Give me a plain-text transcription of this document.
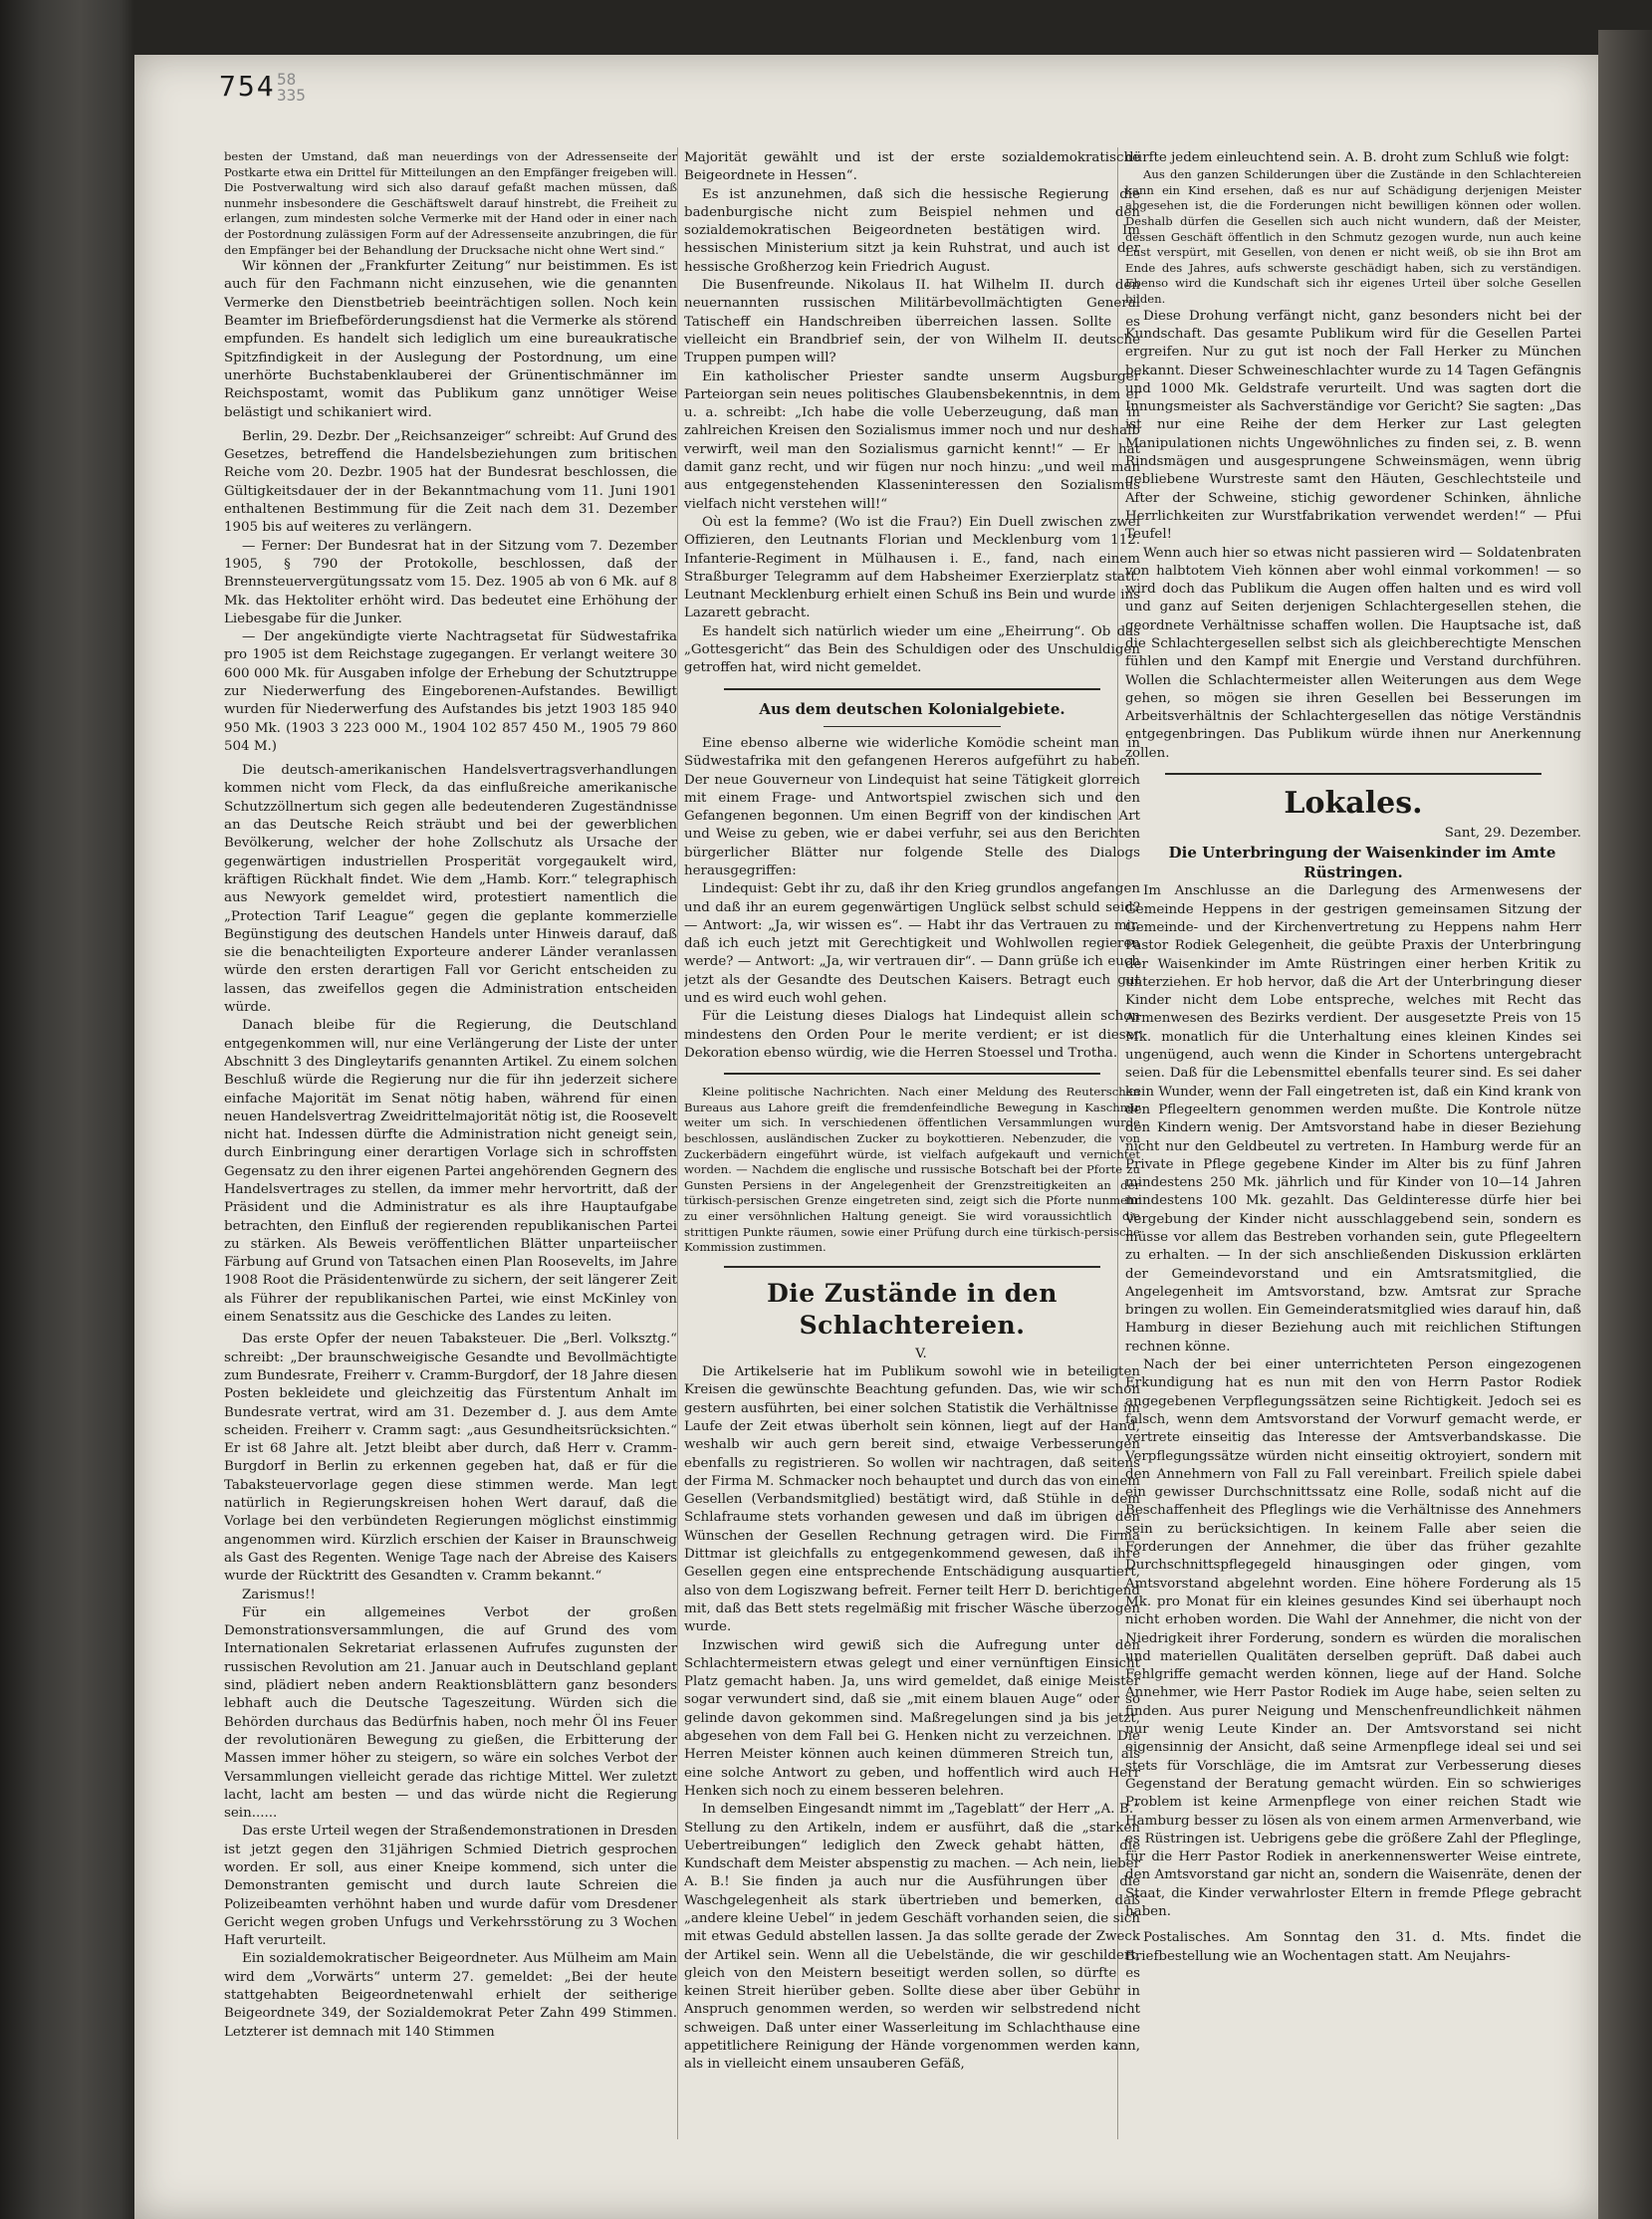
754 58
335

besten der Umstand, daß man neuerdings von der Adressenseite der Postkarte etwa ein Drittel für Mitteilungen an den Empfänger freigeben will. Die Postverwaltung wird sich also darauf gefaßt machen müssen, daß nunmehr insbesondere die Geschäftswelt darauf hinstrebt, die Freiheit zu erlangen, zum mindesten solche Vermerke mit der Hand oder in einer nach der Postordnung zulässigen Form auf der Adressenseite anzubringen, die für den Empfänger bei der Behandlung der Drucksache nicht ohne Wert sind.“

Wir können der „Frankfurter Zeitung“ nur beistimmen. Es ist auch für den Fachmann nicht einzusehen, wie die genannten Vermerke den Dienstbetrieb beeinträchtigen sollen. Noch kein Beamter im Briefbeförderungsdienst hat die Vermerke als störend empfunden. Es handelt sich lediglich um eine bureaukratische Spitzfindigkeit in der Auslegung der Postordnung, um eine unerhörte Buchstabenklauberei der Grünentischmänner im Reichspostamt, womit das Publikum ganz unnötiger Weise belästigt und schikaniert wird.

Berlin, 29. Dezbr. Der „Reichsanzeiger“ schreibt: Auf Grund des Gesetzes, betreffend die Handelsbeziehungen zum britischen Reiche vom 20. Dezbr. 1905 hat der Bundesrat beschlossen, die Gültigkeitsdauer der in der Bekanntmachung vom 11. Juni 1901 enthaltenen Bestimmung für die Zeit nach dem 31. Dezember 1905 bis auf weiteres zu verlängern.

— Ferner: Der Bundesrat hat in der Sitzung vom 7. Dezember 1905, § 790 der Protokolle, beschlossen, daß der Brennsteuervergütungssatz vom 15. Dez. 1905 ab von 6 Mk. auf 8 Mk. das Hektoliter erhöht wird. Das bedeutet eine Erhöhung der Liebesgabe für die Junker.

— Der angekündigte vierte Nachtragsetat für Südwestafrika pro 1905 ist dem Reichstage zugegangen. Er verlangt weitere 30 600 000 Mk. für Ausgaben infolge der Erhebung der Schutztruppe zur Niederwerfung des Eingeborenen-Aufstandes. Bewilligt wurden für Niederwerfung des Aufstandes bis jetzt 1903 185 940 950 Mk. (1903 3 223 000 M., 1904 102 857 450 M., 1905 79 860 504 M.)

Die deutsch-amerikanischen Handelsvertragsverhandlungen kommen nicht vom Fleck, da das einflußreiche amerikanische Schutzzöllnertum sich gegen alle bedeutenderen Zugeständnisse an das Deutsche Reich sträubt und bei der gewerblichen Bevölkerung, welcher der hohe Zollschutz als Ursache der gegenwärtigen industriellen Prosperität vorgegaukelt wird, kräftigen Rückhalt findet. Wie dem „Hamb. Korr.“ telegraphisch aus Newyork gemeldet wird, protestiert namentlich die „Protection Tarif League“ gegen die geplante kommerzielle Begünstigung des deutschen Handels unter Hinweis darauf, daß sie die benachteiligten Exporteure anderer Länder veranlassen würde den ersten derartigen Fall vor Gericht entscheiden zu lassen, das zweifellos gegen die Administration entscheiden würde.

Danach bleibe für die Regierung, die Deutschland entgegenkommen will, nur eine Verlängerung der Liste der unter Abschnitt 3 des Dingleytarifs genannten Artikel. Zu einem solchen Beschluß würde die Regierung nur die für ihn jederzeit sichere einfache Majorität im Senat nötig haben, während für einen neuen Handelsvertrag Zweidrittelmajorität nötig ist, die Roosevelt nicht hat. Indessen dürfte die Administration nicht geneigt sein, durch Einbringung einer derartigen Vorlage sich in schroffsten Gegensatz zu den ihrer eigenen Partei angehörenden Gegnern des Handelsvertrages zu stellen, da immer mehr hervortritt, daß der Präsident und die Administratur es als ihre Hauptaufgabe betrachten, den Einfluß der regierenden republikanischen Partei zu stärken. Als Beweis veröffentlichen Blätter unparteiischer Färbung auf Grund von Tatsachen einen Plan Roosevelts, im Jahre 1908 Root die Präsidentenwürde zu sichern, der seit längerer Zeit als Führer der republikanischen Partei, wie einst McKinley von einem Senatssitz aus die Geschicke des Landes zu leiten.

Das erste Opfer der neuen Tabaksteuer. Die „Berl. Volksztg.“ schreibt: „Der braunschweigische Gesandte und Bevollmächtigte zum Bundesrate, Freiherr v. Cramm-Burgdorf, der 18 Jahre diesen Posten bekleidete und gleichzeitig das Fürstentum Anhalt im Bundesrate vertrat, wird am 31. Dezember d. J. aus dem Amte scheiden. Freiherr v. Cramm sagt: „aus Gesundheitsrücksichten.“ Er ist 68 Jahre alt. Jetzt bleibt aber durch, daß Herr v. Cramm-Burgdorf in Berlin zu erkennen gegeben hat, daß er für die Tabaksteuervorlage gegen diese stimmen werde. Man legt natürlich in Regierungskreisen hohen Wert darauf, daß die Vorlage bei den verbündeten Regierungen möglichst einstimmig angenommen wird. Kürzlich erschien der Kaiser in Braunschweig als Gast des Regenten. Wenige Tage nach der Abreise des Kaisers wurde der Rücktritt des Gesandten v. Cramm bekannt.“

Zarismus!!

Für ein allgemeines Verbot der großen Demonstrationsversammlungen, die auf Grund des vom Internationalen Sekretariat erlassenen Aufrufes zugunsten der russischen Revolution am 21. Januar auch in Deutschland geplant sind, plädiert neben andern Reaktionsblättern ganz besonders lebhaft auch die Deutsche Tageszeitung. Würden sich die Behörden durchaus das Bedürfnis haben, noch mehr Öl ins Feuer der revolutionären Bewegung zu gießen, die Erbitterung der Massen immer höher zu steigern, so wäre ein solches Verbot der Versammlungen vielleicht gerade das richtige Mittel. Wer zuletzt lacht, lacht am besten — und das würde nicht die Regierung sein......

Das erste Urteil wegen der Straßendemonstrationen in Dresden ist jetzt gegen den 31jährigen Schmied Dietrich gesprochen worden. Er soll, aus einer Kneipe kommend, sich unter die Demonstranten gemischt und durch laute Schreien die Polizeibeamten verhöhnt haben und wurde dafür vom Dresdener Gericht wegen groben Unfugs und Verkehrsstörung zu 3 Wochen Haft verurteilt.

Ein sozialdemokratischer Beigeordneter. Aus Mülheim am Main wird dem „Vorwärts“ unterm 27. gemeldet: „Bei der heute stattgehabten Beigeordnetenwahl erhielt der seitherige Beigeordnete 349, der Sozialdemokrat Peter Zahn 499 Stimmen. Letzterer ist demnach mit 140 Stimmen

Majorität gewählt und ist der erste sozialdemokratische Beigeordnete in Hessen“.

Es ist anzunehmen, daß sich die hessische Regierung die badenburgische nicht zum Beispiel nehmen und den sozialdemokratischen Beigeordneten bestätigen wird. Im hessischen Ministerium sitzt ja kein Ruhstrat, und auch ist der hessische Großherzog kein Friedrich August.

Die Busenfreunde. Nikolaus II. hat Wilhelm II. durch den neuernannten russischen Militärbevollmächtigten General Tatischeff ein Handschreiben überreichen lassen. Sollte es vielleicht ein Brandbrief sein, der von Wilhelm II. deutsche Truppen pumpen will?

Ein katholischer Priester sandte unserm Augsburger Parteiorgan sein neues politisches Glaubensbekenntnis, in dem er u. a. schreibt: „Ich habe die volle Ueberzeugung, daß man in zahlreichen Kreisen den Sozialismus immer noch und nur deshalb verwirft, weil man den Sozialismus garnicht kennt!“ — Er hat damit ganz recht, und wir fügen nur noch hinzu: „und weil man aus entgegenstehenden Klasseninteressen den Sozialismus vielfach nicht verstehen will!“

Où est la femme? (Wo ist die Frau?) Ein Duell zwischen zwei Offizieren, den Leutnants Florian und Mecklenburg vom 112. Infanterie-Regiment in Mülhausen i. E., fand, nach einem Straßburger Telegramm auf dem Habsheimer Exerzierplatz statt. Leutnant Mecklenburg erhielt einen Schuß ins Bein und wurde ins Lazarett gebracht.

Es handelt sich natürlich wieder um eine „Eheirrung“. Ob das „Gottesgericht“ das Bein des Schuldigen oder des Unschuldigen getroffen hat, wird nicht gemeldet.

Aus dem deutschen Kolonialgebiete.

Eine ebenso alberne wie widerliche Komödie scheint man in Südwestafrika mit den gefangenen Hereros aufgeführt zu haben. Der neue Gouverneur von Lindequist hat seine Tätigkeit glorreich mit einem Frage- und Antwortspiel zwischen sich und den Gefangenen begonnen. Um einen Begriff von der kindischen Art und Weise zu geben, wie er dabei verfuhr, sei aus den Berichten bürgerlicher Blätter nur folgende Stelle des Dialogs herausgegriffen:

Lindequist: Gebt ihr zu, daß ihr den Krieg grundlos angefangen und daß ihr an eurem gegenwärtigen Unglück selbst schuld seid? — Antwort: „Ja, wir wissen es“. — Habt ihr das Vertrauen zu mir, daß ich euch jetzt mit Gerechtigkeit und Wohlwollen regieren werde? — Antwort: „Ja, wir vertrauen dir“. — Dann grüße ich euch jetzt als der Gesandte des Deutschen Kaisers. Betragt euch gut und es wird euch wohl gehen.

Für die Leistung dieses Dialogs hat Lindequist allein schon mindestens den Orden Pour le merite verdient; er ist dieser Dekoration ebenso würdig, wie die Herren Stoessel und Trotha.

Kleine politische Nachrichten. Nach einer Meldung des Reuterschen Bureaus aus Lahore greift die fremdenfeindliche Bewegung in Kaschmir weiter um sich. In verschiedenen öffentlichen Versammlungen wurde beschlossen, ausländischen Zucker zu boykottieren. Nebenzuder, die von Zuckerbädern eingeführt würde, ist vielfach aufgekauft und vernichtet worden. — Nachdem die englische und russische Botschaft bei der Pforte zu Gunsten Persiens in der Angelegenheit der Grenzstreitigkeiten an der türkisch-persischen Grenze eingetreten sind, zeigt sich die Pforte nunmehr zu einer versöhnlichen Haltung geneigt. Sie wird voraussichtlich die strittigen Punkte räumen, sowie einer Prüfung durch eine türkisch-persische Kommission zustimmen.

Die Zustände in den Schlachtereien.

V.

Die Artikelserie hat im Publikum sowohl wie in beteiligten Kreisen die gewünschte Beachtung gefunden. Das, wie wir schon gestern ausführten, bei einer solchen Statistik die Verhältnisse im Laufe der Zeit etwas überholt sein können, liegt auf der Hand, weshalb wir auch gern bereit sind, etwaige Verbesserungen ebenfalls zu registrieren. So wollen wir nachtragen, daß seitens der Firma M. Schmacker noch behauptet und durch das von einem Gesellen (Verbandsmitglied) bestätigt wird, daß Stühle in dem Schlafraume stets vorhanden gewesen und daß im übrigen den Wünschen der Gesellen Rechnung getragen wird. Die Firma Dittmar ist gleichfalls zu entgegenkommend gewesen, daß ihre Gesellen gegen eine entsprechende Entschädigung ausquartiert, also von dem Logiszwang befreit. Ferner teilt Herr D. berichtigend mit, daß das Bett stets regelmäßig mit frischer Wäsche überzogen wurde.

Inzwischen wird gewiß sich die Aufregung unter den Schlachtermeistern etwas gelegt und einer vernünftigen Einsicht Platz gemacht haben. Ja, uns wird gemeldet, daß einige Meister sogar verwundert sind, daß sie „mit einem blauen Auge“ oder so gelinde davon gekommen sind. Maßregelungen sind ja bis jetzt, abgesehen von dem Fall bei G. Henken nicht zu verzeichnen. Die Herren Meister können auch keinen dümmeren Streich tun, als eine solche Antwort zu geben, und hoffentlich wird auch Herr Henken sich noch zu einem besseren belehren.

In demselben Eingesandt nimmt im „Tageblatt“ der Herr „A. B.“ Stellung zu den Artikeln, indem er ausführt, daß die „starken Uebertreibungen“ lediglich den Zweck gehabt hätten, die Kundschaft dem Meister abspenstig zu machen. — Ach nein, lieber A. B.! Sie finden ja auch nur die Ausführungen über die Waschgelegenheit als stark übertrieben und bemerken, daß „andere kleine Uebel“ in jedem Geschäft vorhanden seien, die sich mit etwas Geduld abstellen lassen. Ja das sollte gerade der Zweck der Artikel sein. Wenn all die Uebelstände, die wir geschildert, gleich von den Meistern beseitigt werden sollen, so dürfte es keinen Streit hierüber geben. Sollte diese aber über Gebühr in Anspruch genommen werden, so werden wir selbstredend nicht schweigen. Daß unter einer Wasserleitung im Schlachthause eine appetitlichere Reinigung der Hände vorgenommen werden kann, als in vielleicht einem unsauberen Gefäß,

dürfte jedem einleuchtend sein. A. B. droht zum Schluß wie folgt:

Aus den ganzen Schilderungen über die Zustände in den Schlachtereien kann ein Kind ersehen, daß es nur auf Schädigung derjenigen Meister abgesehen ist, die die Forderungen nicht bewilligen können oder wollen. Deshalb dürfen die Gesellen sich auch nicht wundern, daß der Meister, dessen Geschäft öffentlich in den Schmutz gezogen wurde, nun auch keine Lust verspürt, mit Gesellen, von denen er nicht weiß, ob sie ihn Brot am Ende des Jahres, aufs schwerste geschädigt haben, sich zu verständigen. Ebenso wird die Kundschaft sich ihr eigenes Urteil über solche Gesellen bilden.

Diese Drohung verfängt nicht, ganz besonders nicht bei der Kundschaft. Das gesamte Publikum wird für die Gesellen Partei ergreifen. Nur zu gut ist noch der Fall Herker zu München bekannt. Dieser Schweineschlachter wurde zu 14 Tagen Gefängnis und 1000 Mk. Geldstrafe verurteilt. Und was sagten dort die Innungsmeister als Sachverständige vor Gericht? Sie sagten: „Das ist nur eine Reihe der dem Herker zur Last gelegten Manipulationen nichts Ungewöhnliches zu finden sei, z. B. wenn Rindsmägen und ausgesprungene Schweinsmägen, wenn übrig gebliebene Wurstreste samt den Häuten, Geschlechtsteile und After der Schweine, stichig gewordener Schinken, ähnliche Herrlichkeiten zur Wurstfabrikation verwendet werden!“ — Pfui Teufel!

Wenn auch hier so etwas nicht passieren wird — Soldatenbraten von halbtotem Vieh können aber wohl einmal vorkommen! — so wird doch das Publikum die Augen offen halten und es wird voll und ganz auf Seiten derjenigen Schlachtergesellen stehen, die geordnete Verhältnisse schaffen wollen. Die Hauptsache ist, daß die Schlachtergesellen selbst sich als gleichberechtigte Menschen fühlen und den Kampf mit Energie und Verstand durchführen. Wollen die Schlachtermeister allen Weiterungen aus dem Wege gehen, so mögen sie ihren Gesellen bei Besserungen im Arbeitsverhältnis der Schlachtergesellen das nötige Verständnis entgegenbringen. Das Publikum würde ihnen nur Anerkennung zollen.

Lokales.

Sant, 29. Dezember.

Die Unterbringung der Waisenkinder im Amte Rüstringen.

Im Anschlusse an die Darlegung des Armenwesens der Gemeinde Heppens in der gestrigen gemeinsamen Sitzung der Gemeinde- und der Kirchenvertretung zu Heppens nahm Herr Pastor Rodiek Gelegenheit, die geübte Praxis der Unterbringung der Waisenkinder im Amte Rüstringen einer herben Kritik zu unterziehen. Er hob hervor, daß die Art der Unterbringung dieser Kinder nicht dem Lobe entspreche, welches mit Recht das Armenwesen des Bezirks verdient. Der ausgesetzte Preis von 15 Mk. monatlich für die Unterhaltung eines kleinen Kindes sei ungenügend, auch wenn die Kinder in Schortens untergebracht seien. Daß für die Lebensmittel ebenfalls teurer sind. Es sei daher kein Wunder, wenn der Fall eingetreten ist, daß ein Kind krank von den Pflegeeltern genommen werden mußte. Die Kontrole nütze den Kindern wenig. Der Amtsvorstand habe in dieser Beziehung nicht nur den Geldbeutel zu vertreten. In Hamburg werde für an Private in Pflege gegebene Kinder im Alter bis zu fünf Jahren mindestens 250 Mk. jährlich und für Kinder von 10—14 Jahren mindestens 100 Mk. gezahlt. Das Geldinteresse dürfe hier bei Vergebung der Kinder nicht ausschlaggebend sein, sondern es müsse vor allem das Bestreben vorhanden sein, gute Pflegeeltern zu erhalten. — In der sich anschließenden Diskussion erklärten der Gemeindevorstand und ein Amtsratsmitglied, die Angelegenheit im Amtsvorstand, bzw. Amtsrat zur Sprache bringen zu wollen. Ein Gemeinderatsmitglied wies darauf hin, daß Hamburg in dieser Beziehung auch mit reichlichen Stiftungen rechnen könne.

Nach der bei einer unterrichteten Person eingezogenen Erkundigung hat es nun mit den von Herrn Pastor Rodiek angegebenen Verpflegungssätzen seine Richtigkeit. Jedoch sei es falsch, wenn dem Amtsvorstand der Vorwurf gemacht werde, er vertrete einseitig das Interesse der Amtsverbandskasse. Die Verpflegungssätze würden nicht einseitig oktroyiert, sondern mit den Annehmern von Fall zu Fall vereinbart. Freilich spiele dabei ein gewisser Durchschnittssatz eine Rolle, sodaß nicht auf die Beschaffenheit des Pfleglings wie die Verhältnisse des Annehmers sein zu berücksichtigen. In keinem Falle aber seien die Forderungen der Annehmer, die über das früher gezahlte Durchschnittspflegegeld hinausgingen oder gingen, vom Amtsvorstand abgelehnt worden. Eine höhere Forderung als 15 Mk. pro Monat für ein kleines gesundes Kind sei überhaupt noch nicht erhoben worden. Die Wahl der Annehmer, die nicht von der Niedrigkeit ihrer Forderung, sondern es würden die moralischen und materiellen Qualitäten derselben geprüft. Daß dabei auch Fehlgriffe gemacht werden können, liege auf der Hand. Solche Annehmer, wie Herr Pastor Rodiek im Auge habe, seien selten zu finden. Aus purer Neigung und Menschenfreundlichkeit nähmen nur wenig Leute Kinder an. Der Amtsvorstand sei nicht eigensinnig der Ansicht, daß seine Armenpflege ideal sei und sei stets für Vorschläge, die im Amtsrat zur Verbesserung dieses Gegenstand der Beratung gemacht würden. Ein so schwieriges Problem ist keine Armenpflege von einer reichen Stadt wie Hamburg besser zu lösen als von einem armen Armenverband, wie es Rüstringen ist. Uebrigens gebe die größere Zahl der Pfleglinge, für die Herr Pastor Rodiek in anerkennenswerter Weise eintrete, den Amtsvorstand gar nicht an, sondern die Waisenräte, denen der Staat, die Kinder verwahrloster Eltern in fremde Pflege gebracht haben.

Postalisches. Am Sonntag den 31. d. Mts. findet die Briefbestellung wie an Wochentagen statt. Am Neujahrs-
